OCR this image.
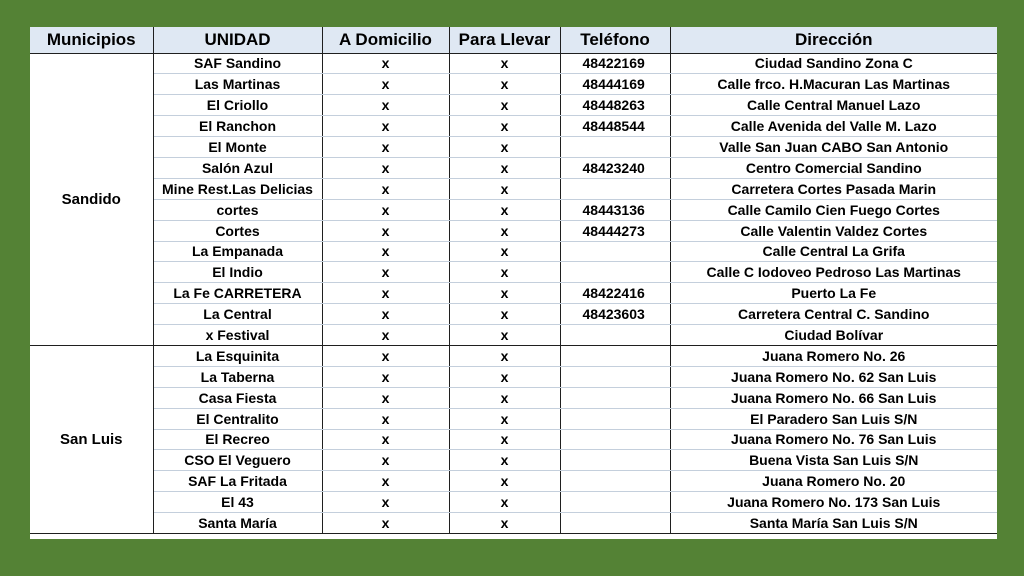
Municipios	UNIDAD	A Domicilio	Para Llevar	Teléfono	Dirección
Sandido	SAF Sandino	x	x	48422169	Ciudad Sandino Zona C
	Las Martinas	x	x	48444169	Calle frco. H.Macuran Las Martinas
	El Criollo	x	x	48448263	Calle Central Manuel Lazo
	El Ranchon	x	x	48448544	Calle Avenida del Valle M. Lazo
	El Monte	x	x		Valle San Juan CABO San Antonio
	Salón Azul	x	x	48423240	Centro Comercial Sandino
	Mine Rest.Las Delicias	x	x		Carretera Cortes Pasada Marin
	cortes	x	x	48443136	Calle Camilo Cien Fuego Cortes
	Cortes	x	x	48444273	Calle Valentin Valdez Cortes
	La Empanada	x	x		Calle Central La Grifa
	El Indio	x	x		Calle C Iodoveo Pedroso Las Martinas
	La Fe CARRETERA	x	x	48422416	Puerto La Fe
	La Central	x	x	48423603	Carretera Central C. Sandino
	x Festival	x	x		Ciudad Bolívar
San Luis	La Esquinita	x	x		Juana Romero No. 26
	La Taberna	x	x		Juana Romero No. 62 San Luis
	Casa Fiesta	x	x		Juana Romero No. 66 San Luis
	El Centralito	x	x		El Paradero San Luis S/N
	El Recreo	x	x		Juana Romero No. 76 San Luis
	CSO El Veguero	x	x		Buena Vista San Luis S/N
	SAF La Fritada	x	x		Juana Romero No. 20
	El 43	x	x		Juana Romero No. 173 San Luis
	Santa María	x	x		Santa María San Luis S/N
